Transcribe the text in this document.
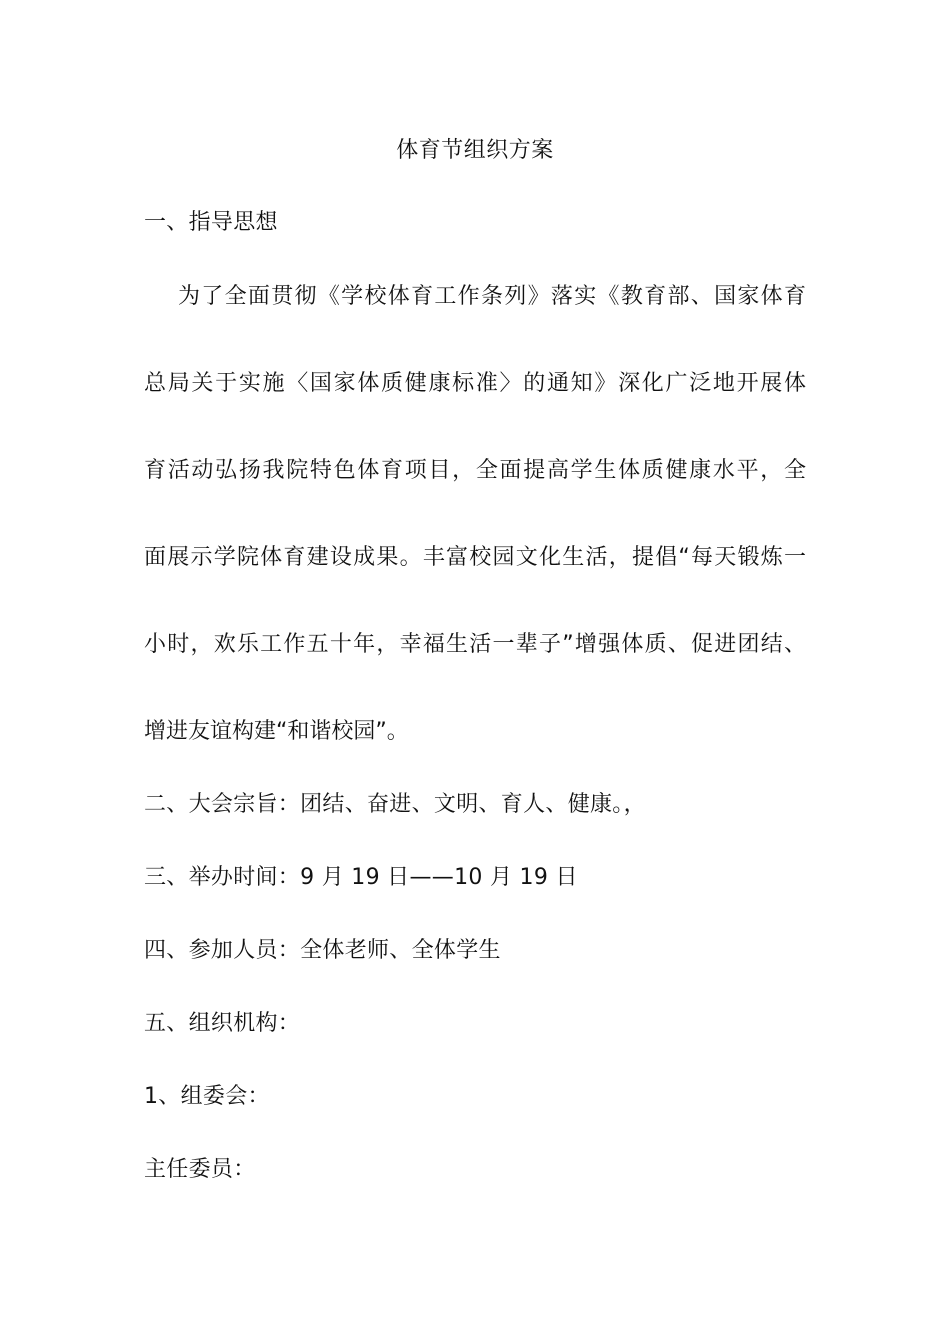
体育节组织方案
一、指导思想
为了全面贯彻《学校体育工作条列》落实《教育部、国家体育
总局关于实施〈国家体质健康标准〉的通知》深化广泛地开展体
育活动弘扬我院特色体育项目，全面提高学生体质健康水平，全
面展示学院体育建设成果。丰富校园文化生活，提倡“每天锻炼一
小时，欢乐工作五十年，幸福生活一辈子”增强体质、促进团结、
增进友谊构建“和谐校园”。
二、大会宗旨：团结、奋进、文明、育人、健康。，
三、举办时间：9 月 19 日——10 月 19 日
四、参加人员：全体老师、全体学生
五、组织机构：
1、组委会：
主任委员：
